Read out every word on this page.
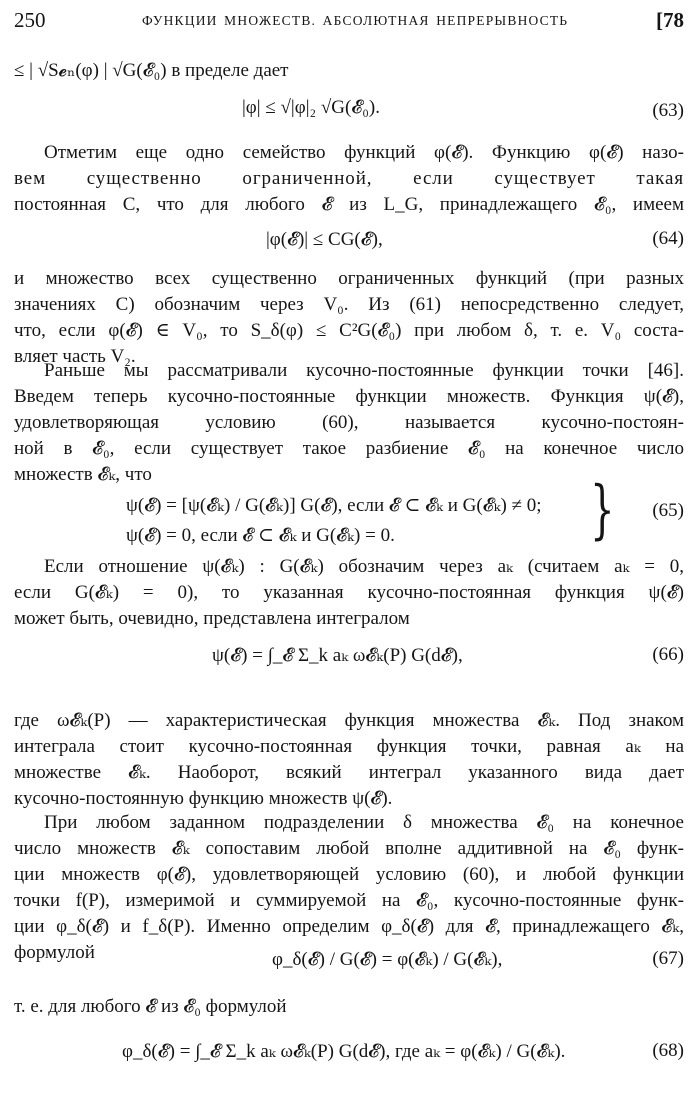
250	ФУНКЦИИ МНОЖЕСТВ. АБСОЛЮТНАЯ НЕПРЕРЫВНОСТЬ	[78
≤ | √S𝓮ₙ(φ) | √G(𝓔₀) в пределе дает
|φ| ≤ √|φ|₂ √G(𝓔₀).	(63)
Отметим еще одно семейство функций φ(𝓔). Функцию φ(𝓔) назо-
вем существенно ограниченной, если существует такая
постоянная C, что для любого 𝓔 из L_G, принадлежащего 𝓔₀, имеем
|φ(𝓔)| ≤ CG(𝓔),	(64)
и множество всех существенно ограниченных функций (при разных
значениях C) обозначим через V₀. Из (61) непосредственно следует,
что, если φ(𝓔) ∈ V₀, то S_δ(φ) ≤ C²G(𝓔₀) при любом δ, т. е. V₀ соста-
вляет часть V₂.
Раньше мы рассматривали кусочно-постоянные функции точки [46].
Введем теперь кусочно-постоянные функции множеств. Функция ψ(𝓔),
удовлетворяющая условию (60), называется кусочно-постоян-
ной в 𝓔₀, если существует такое разбиение 𝓔₀ на конечное число
множеств 𝓔ₖ, что
ψ(𝓔) = [ψ(𝓔ₖ) / G(𝓔ₖ)] G(𝓔), если 𝓔 ⊂ 𝓔ₖ и G(𝓔ₖ) ≠ 0;
ψ(𝓔) = 0, если 𝓔 ⊂ 𝓔ₖ и G(𝓔ₖ) = 0.	} (65)
Если отношение ψ(𝓔ₖ) : G(𝓔ₖ) обозначим через aₖ (считаем aₖ = 0,
если G(𝓔ₖ) = 0), то указанная кусочно-постоянная функция ψ(𝓔)
может быть, очевидно, представлена интегралом
ψ(𝓔) = ∫_𝓔 Σ_k aₖ ω𝓔ₖ(P) G(d𝓔),	(66)
где ω𝓔ₖ(P) — характеристическая функция множества 𝓔ₖ. Под знаком
интеграла стоит кусочно-постоянная функция точки, равная aₖ на
множестве 𝓔ₖ. Наоборот, всякий интеграл указанного вида дает
кусочно-постоянную функцию множеств ψ(𝓔).
При любом заданном подразделении δ множества 𝓔₀ на конечное
число множеств 𝓔ₖ сопоставим любой вполне аддитивной на 𝓔₀ функ-
ции множеств φ(𝓔), удовлетворяющей условию (60), и любой функции
точки f(P), измеримой и суммируемой на 𝓔₀, кусочно-постоянные функ-
ции φ_δ(𝓔) и f_δ(P). Именно определим φ_δ(𝓔) для 𝓔, принадлежащего 𝓔ₖ,
формулой	φ_δ(𝓔) / G(𝓔) = φ(𝓔ₖ) / G(𝓔ₖ),	(67)
т. е. для любого 𝓔 из 𝓔₀ формулой
φ_δ(𝓔) = ∫_𝓔 Σ_k aₖ ω𝓔ₖ(P) G(d𝓔), где aₖ = φ(𝓔ₖ) / G(𝓔ₖ).	(68)
